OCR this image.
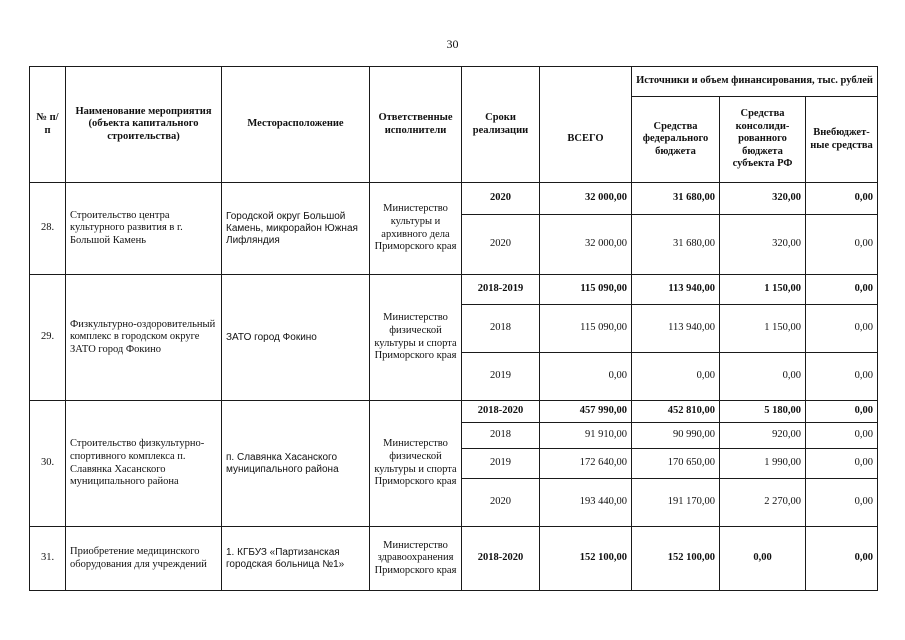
30
№ п/п	Наименование мероприятия (объекта капитального строительства)	Месторасположение	Ответственные исполнители	Сроки реализации		Источники и объем финансирования, тыс. рублей		
					ВСЕГО	Средства федерального бюджета	Средства консолиди-рованного бюджета субъекта РФ	Внебюджет-ные средства
28.	Строительство центра культурного развития в г. Большой Камень	Городской округ Большой Камень, микрорайон Южная Лифляндия	Министерство культуры и архивного дела Приморского края	2020	32 000,00	31 680,00	320,00	0,00
				2020	32 000,00	31 680,00	320,00	0,00
29.	Физкультурно-оздоровительный комплекс в городском округе ЗАТО город Фокино	ЗАТО город Фокино	Министерство физической культуры и спорта Приморского края	2018-2019	115 090,00	113 940,00	1 150,00	0,00
				2018	115 090,00	113 940,00	1 150,00	0,00
				2019	0,00	0,00	0,00	0,00
30.	Строительство физкультурно-спортивного комплекса п. Славянка Хасанского муниципального района	п. Славянка Хасанского муниципального района	Министерство физической культуры и спорта Приморского края	2018-2020	457 990,00	452 810,00	5 180,00	0,00
				2018	91 910,00	90 990,00	920,00	0,00
				2019	172 640,00	170 650,00	1 990,00	0,00
				2020	193 440,00	191 170,00	2 270,00	0,00
31.	Приобретение медицинского оборудования для учреждений	1. КГБУЗ «Партизанская городская больница №1»	Министерство здравоохранения Приморского края	2018-2020	152 100,00	152 100,00	0,00	0,00
